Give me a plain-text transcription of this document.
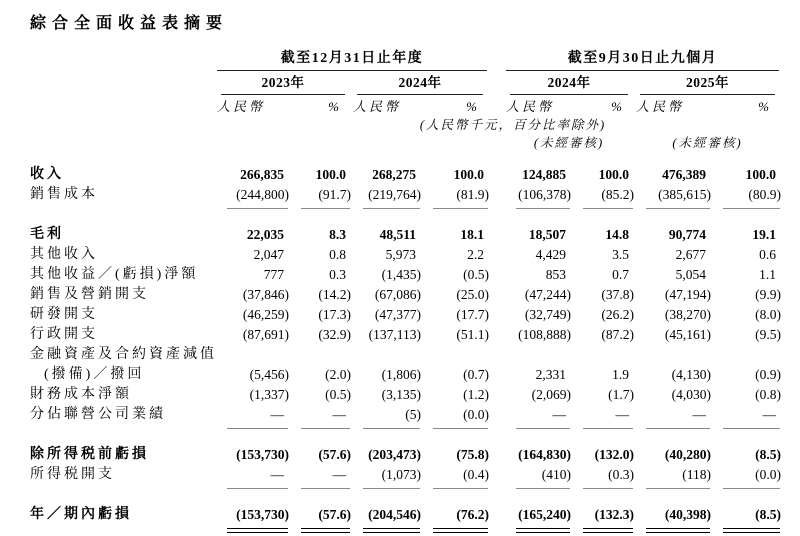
綜合全面收益表摘要

	截至12月31日止年度					截至9月30日止九個月			

	2023年		2024年			2024年		2025年	

	人民幣	%	人民幣	%		人民幣	%	人民幣	%
	(人民幣千元，百分比率除外)								
						(未經審核)		(未經審核)	

收入	266,835	100.0	268,275	100.0		124,885	100.0	476,389	100.0
銷售成本	(244,800)	(91.7)	(219,764)	(81.9)		(106,378)	(85.2)	(385,615)	(80.9)

毛利	22,035	8.3	48,511	18.1		18,507	14.8	90,774	19.1
其他收入	2,047	0.8	5,973	2.2		4,429	3.5	2,677	0.6
其他收益／(虧損)淨額	777	0.3	(1,435)	(0.5)		853	0.7	5,054	1.1
銷售及營銷開支	(37,846)	(14.2)	(67,086)	(25.0)		(47,244)	(37.8)	(47,194)	(9.9)
研發開支	(46,259)	(17.3)	(47,377)	(17.7)		(32,749)	(26.2)	(38,270)	(8.0)
行政開支	(87,691)	(32.9)	(137,113)	(51.1)		(108,888)	(87.2)	(45,161)	(9.5)
金融資產及合約資產減值									
(撥備)／撥回	(5,456)	(2.0)	(1,806)	(0.7)		2,331	1.9	(4,130)	(0.9)
財務成本淨額	(1,337)	(0.5)	(3,135)	(1.2)		(2,069)	(1.7)	(4,030)	(0.8)
分佔聯營公司業績	—	—	(5)	(0.0)		—	—	—	—

除所得税前虧損	(153,730)	(57.6)	(203,473)	(75.8)		(164,830)	(132.0)	(40,280)	(8.5)
所得税開支	—	—	(1,073)	(0.4)		(410)	(0.3)	(118)	(0.0)

年／期內虧損	(153,730)	(57.6)	(204,546)	(76.2)		(165,240)	(132.3)	(40,398)	(8.5)
